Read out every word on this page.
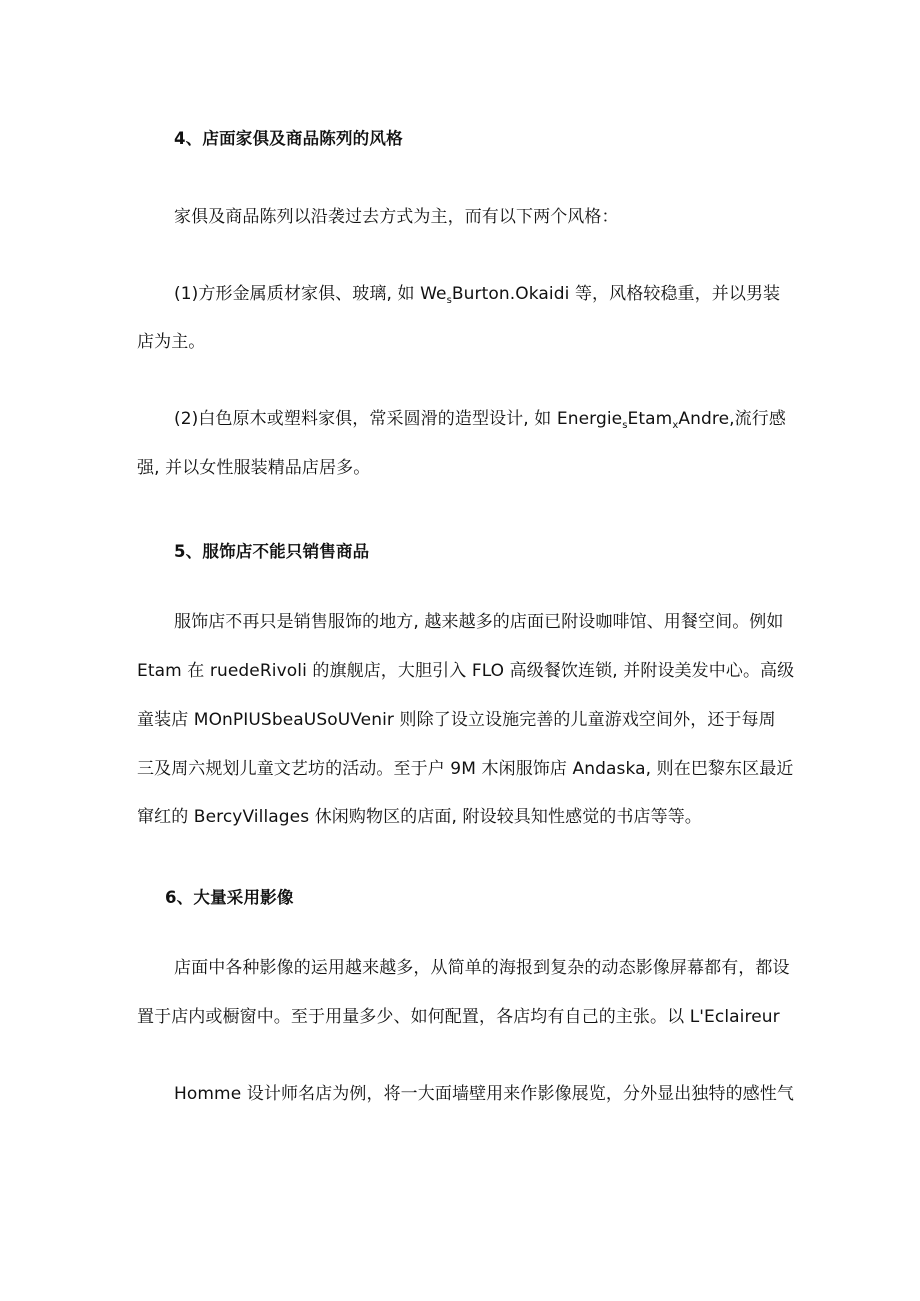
4、店面家俱及商品陈列的风格
家俱及商品陈列以沿袭过去方式为主，而有以下两个风格：
(1)方形金属质材家俱、玻璃, 如 $We_sBurton.Okaidi$ 等，风格较稳重，并以男装
店为主。
(2)白色原木或塑料家俱，常采圆滑的造型设计, 如 Energie$_s$Etam$_x$Andre,流行感
强, 并以女性服装精品店居多。
5、服饰店不能只销售商品
服饰店不再只是销售服饰的地方, 越来越多的店面已附设咖啡馆、用餐空间。例如
Etam 在 ruedeRivoli 的旗舰店，大胆引入 FLO 高级餐饮连锁, 并附设美发中心。高级
童装店 MOnPIUSbeaUSoUVenir 则除了设立设施完善的儿童游戏空间外，还于每周
三及周六规划儿童文艺坊的活动。至于户 9M 木闲服饰店 Andaska, 则在巴黎东区最近
窜红的 BercyVillages 休闲购物区的店面, 附设较具知性感觉的书店等等。
6、大量采用影像
店面中各种影像的运用越来越多，从简单的海报到复杂的动态影像屏幕都有，都设
置于店内或橱窗中。至于用量多少、如何配置，各店均有自己的主张。以 L'Eclaireur
Homme 设计师名店为例，将一大面墙壁用来作影像展览，分外显出独特的感性气
